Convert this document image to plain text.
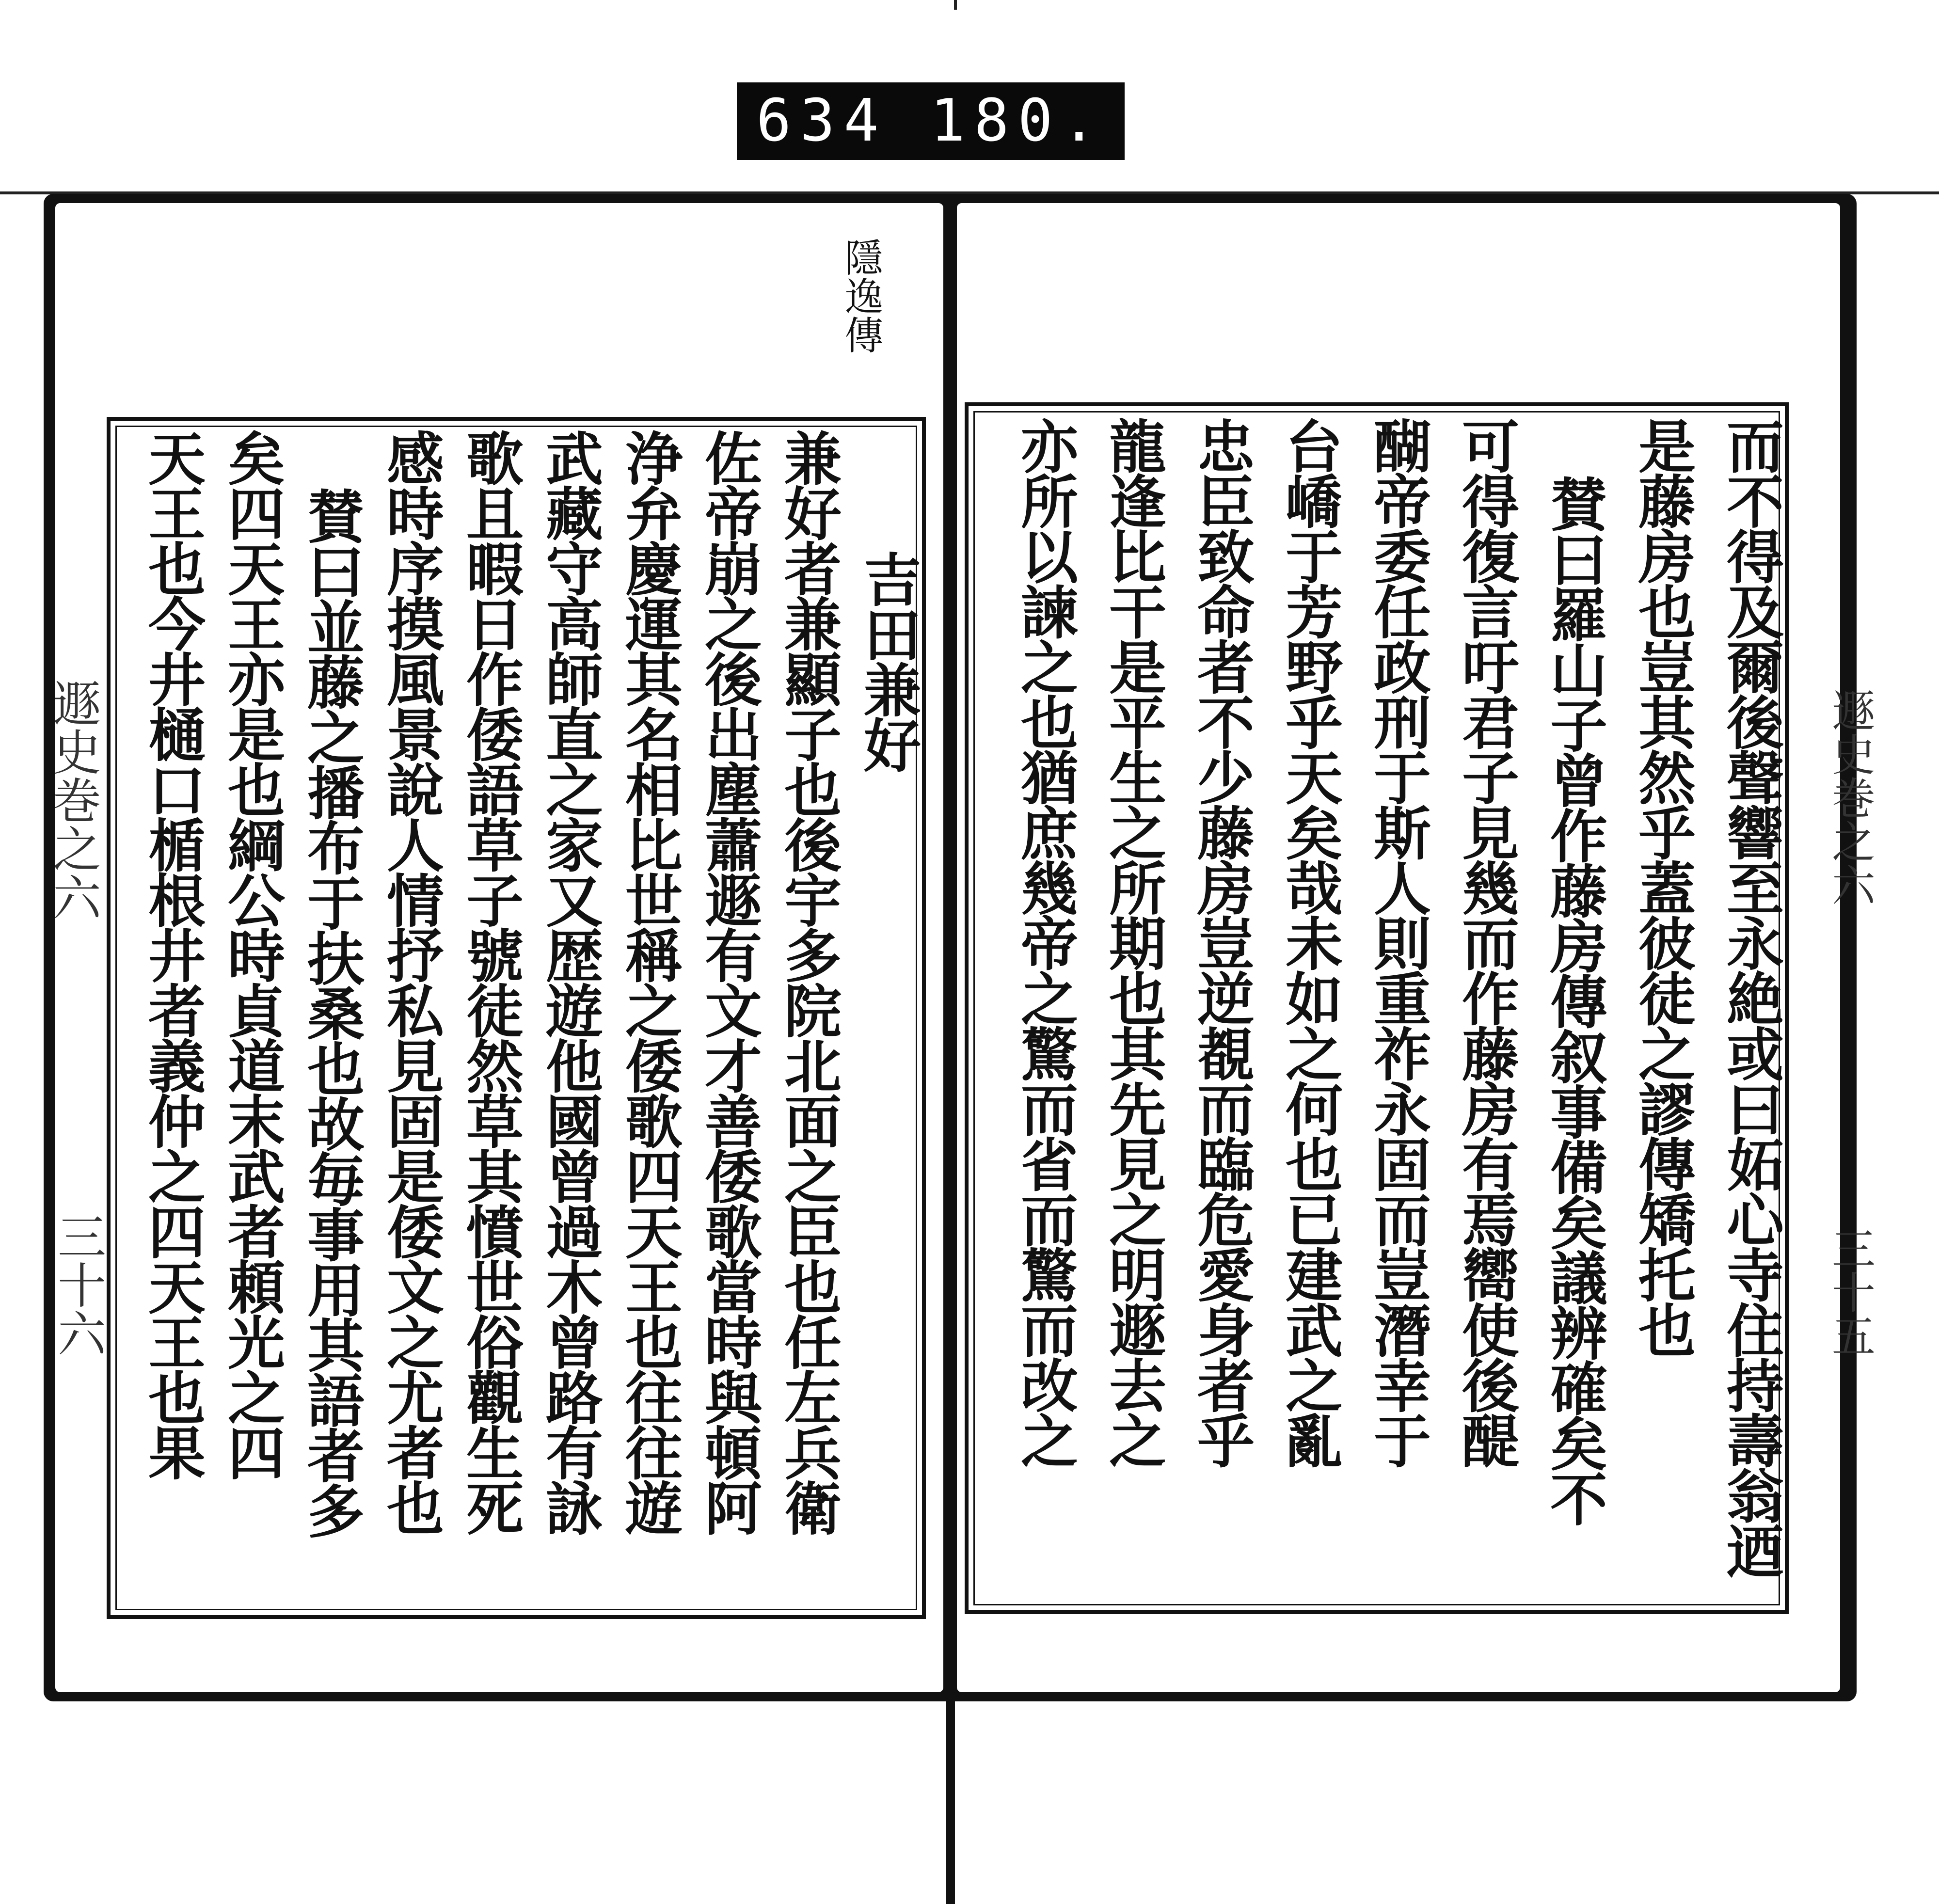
634 180.
隱逸傳
遯史巻之六
三十六
吉田兼好
兼好者兼顯子也後宇多院北面之臣也任左兵衛
佐帝崩之後出塵蕭遯有文才善倭歌當時與頓阿
浄弁慶運其名相比世稱之倭歌四天王也往往遊
武藏守高師直之家又歴遊他國曾過木曾路有詠
歌且暇日作倭語草子號徒然草其憤世俗觀生死
感時序摸風景說人情抒私見固是倭文之尤者也
賛曰並藤之播布于扶桑也故毎事用其語者多
矣四天王亦是也綱公時貞道末武者頼光之四
天王也今井樋口楯根井者義仲之四天王也果	遯史巻之六
三十五
而不得及爾後聲響至永絶或曰妬心寺住持壽翁迺
是藤房也豈其然乎蓋彼徒之謬傳矯托也
賛曰羅山子曾作藤房傳叙事備矣議辨確矣不
可得復言吁君子見幾而作藤房有焉嚮使後醍
醐帝委任政刑于斯人則重祚永固而豈潛幸于
台嶠于芳野乎天矣哉未如之何也已建武之亂
忠臣致命者不少藤房豈逆覩而臨危愛身者乎
龍逢比干是平生之所期也其先見之明遯去之
亦所以諫之也猶庶幾帝之驚而省而驚而改之
